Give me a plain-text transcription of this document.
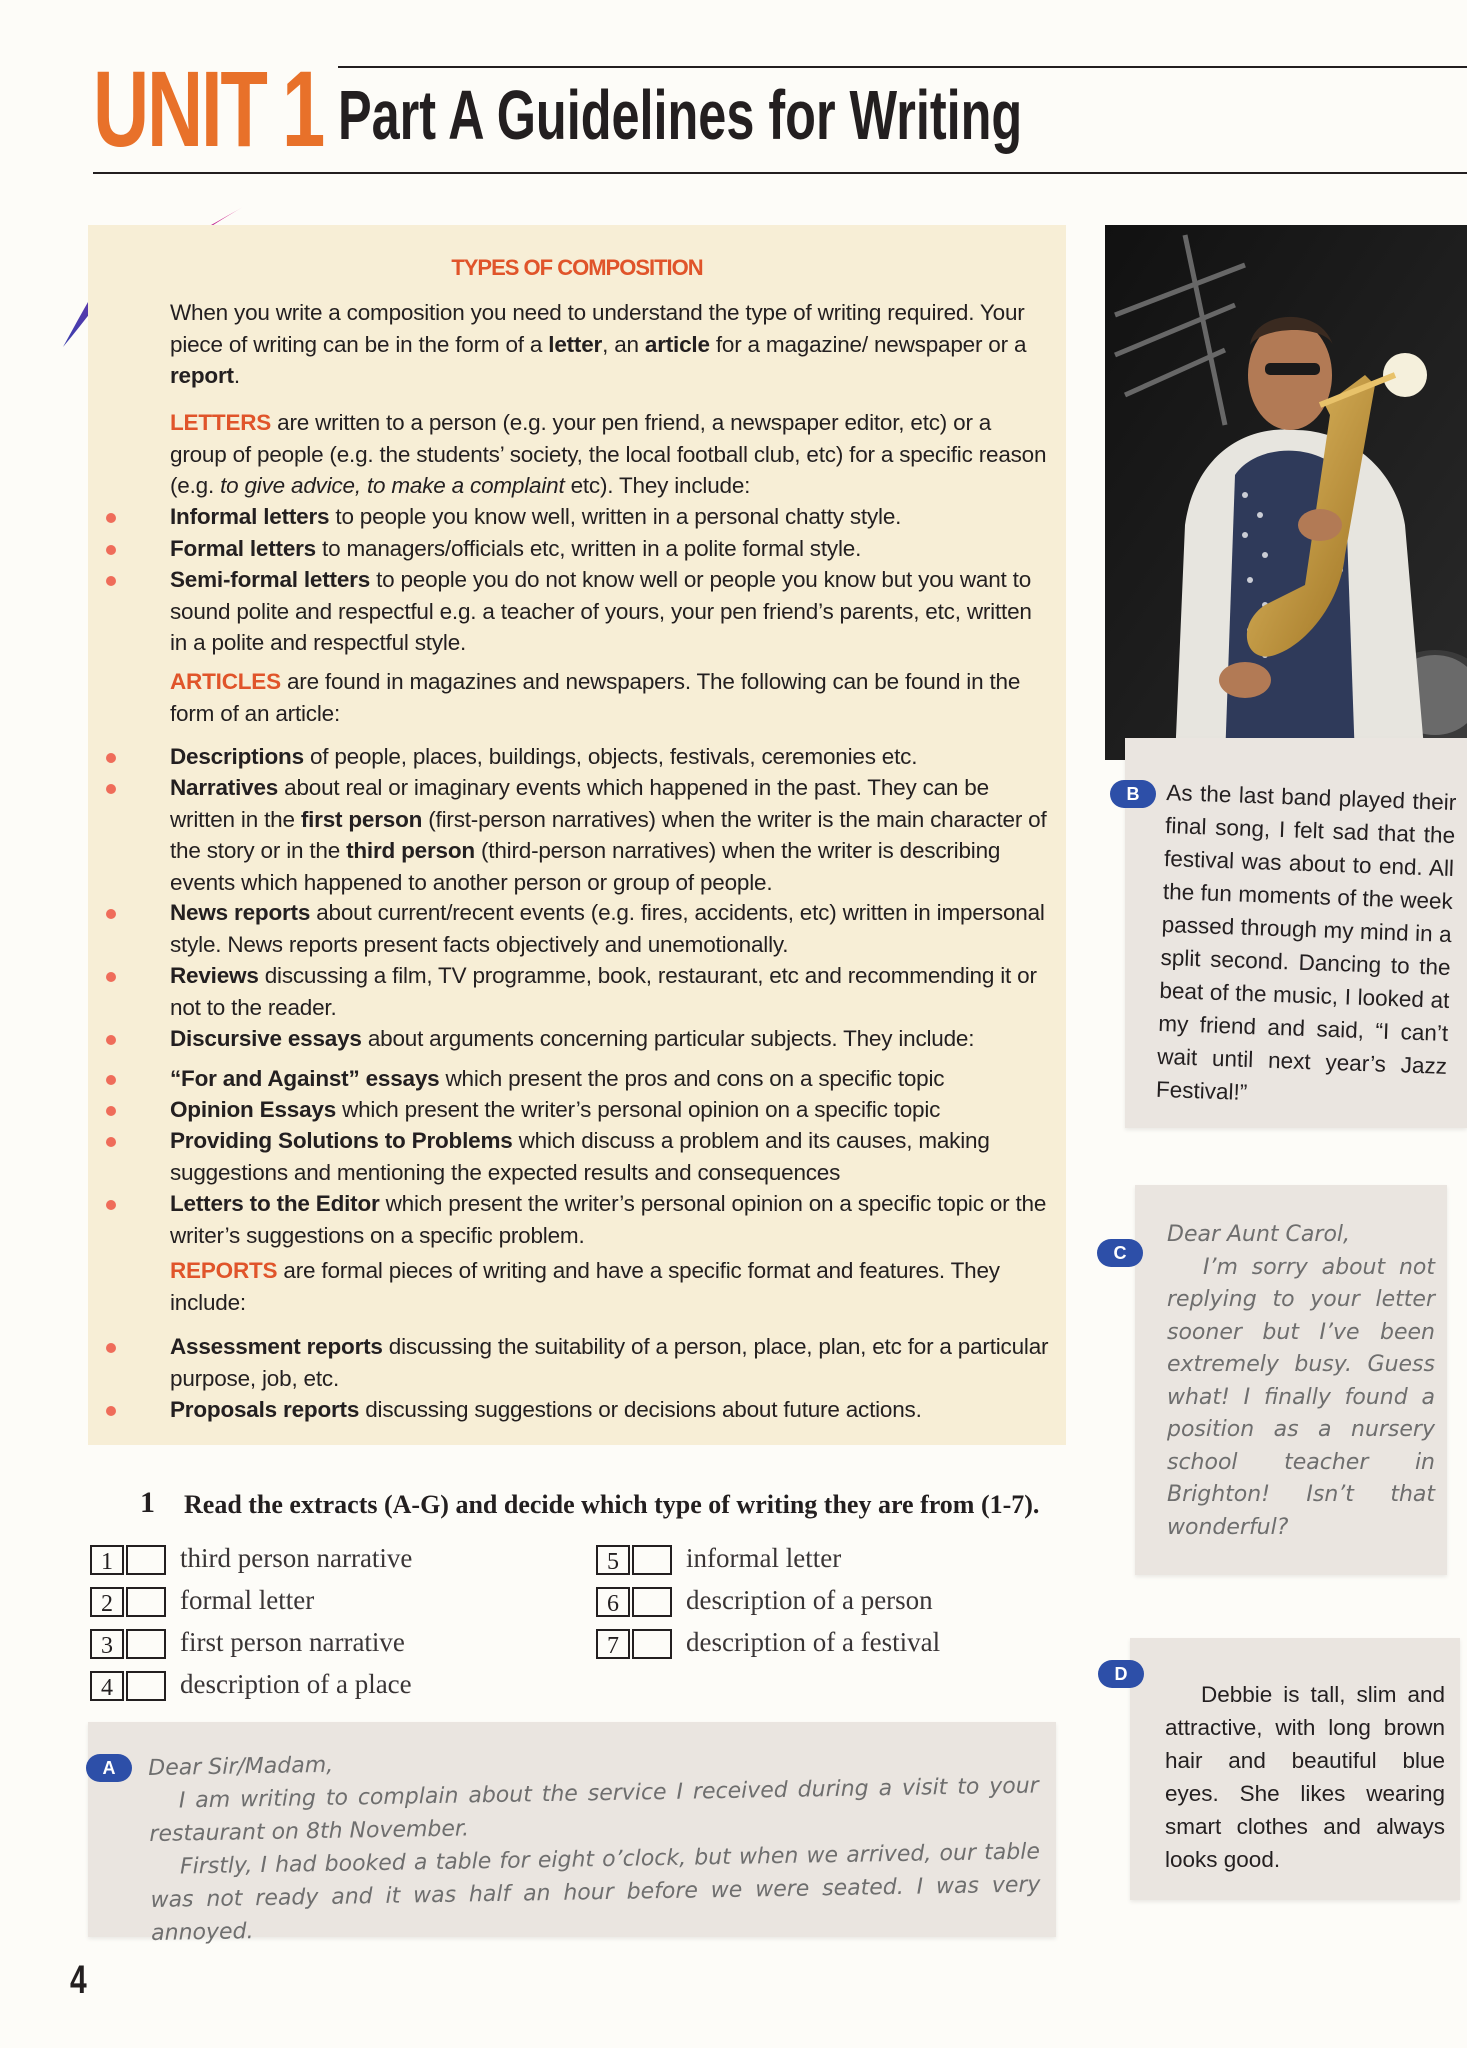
UNIT 1 Part A Guidelines for Writing
TYPES OF COMPOSITION
When you write a composition you need to understand the type of writing required. Your piece of writing can be in the form of a letter, an article for a magazine/ newspaper or a report.
LETTERS are written to a person (e.g. your pen friend, a newspaper editor, etc) or a group of people (e.g. the students’ society, the local football club, etc) for a specific reason (e.g. to give advice, to make a complaint etc). They include:
Informal letters to people you know well, written in a personal chatty style.
Formal letters to managers/officials etc, written in a polite formal style.
Semi-formal letters to people you do not know well or people you know but you want to sound polite and respectful e.g. a teacher of yours, your pen friend’s parents, etc, written in a polite and respectful style.
ARTICLES are found in magazines and newspapers. The following can be found in the form of an article:
Descriptions of people, places, buildings, objects, festivals, ceremonies etc.
Narratives about real or imaginary events which happened in the past. They can be written in the first person (first-person narratives) when the writer is the main character of the story or in the third person (third-person narratives) when the writer is describing events which happened to another person or group of people.
News reports about current/recent events (e.g. fires, accidents, etc) written in impersonal style. News reports present facts objectively and unemotionally.
Reviews discussing a film, TV programme, book, restaurant, etc and recommending it or not to the reader.
Discursive essays about arguments concerning particular subjects. They include:
“For and Against” essays which present the pros and cons on a specific topic
Opinion Essays which present the writer’s personal opinion on a specific topic
Providing Solutions to Problems which discuss a problem and its causes, making suggestions and mentioning the expected results and consequences
Letters to the Editor which present the writer’s personal opinion on a specific topic or the writer’s suggestions on a specific problem.
REPORTS are formal pieces of writing and have a specific format and features. They include:
Assessment reports discussing the suitability of a person, place, plan, etc for a particular purpose, job, etc.
Proposals reports discussing suggestions or decisions about future actions.
B	As the last band played their final song, I felt sad that the festival was about to end. All the fun moments of the week passed through my mind in a split second. Dancing to the beat of the music, I looked at my friend and said, “I can’t wait until next year’s Jazz Festival!”
C
Dear Aunt Carol,
I’m sorry about not replying to your letter sooner but I’ve been extremely busy. Guess what! I finally found a position as a nursery school teacher in Brighton! Isn’t that wonderful?
D
Debbie is tall, slim and attractive, with long brown hair and beautiful blue eyes. She likes wearing smart clothes and always looks good.
1 Read the extracts (A-G) and decide which type of writing they are from (1-7).
1	third person narrative
2	formal letter
3	first person narrative
4	description of a place
5	informal letter
6	description of a person
7	description of a festival
A	Dear Sir/Madam,
I am writing to complain about the service I received during a visit to your restaurant on 8th November.
Firstly, I had booked a table for eight o’clock, but when we arrived, our table was not ready and it was half an hour before we were seated. I was very annoyed.
4
